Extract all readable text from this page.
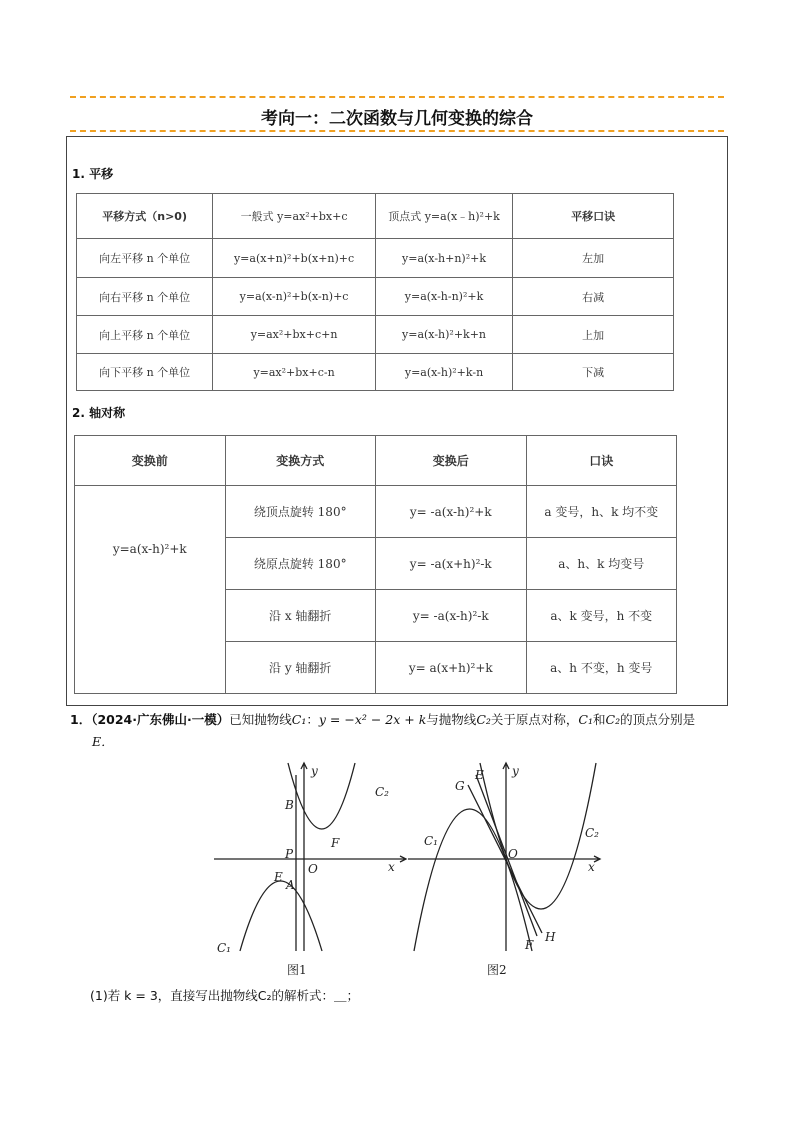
考向一：二次函数与几何变换的综合
1. 平移
平移方式（n>0)	一般式 y=ax²+bx+c	顶点式 y=a(x﹣h)²+k	平移口诀
向左平移 n 个单位	y=a(x+n)²+b(x+n)+c	y=a(x-h+n)²+k	左加
向右平移 n 个单位	y=a(x-n)²+b(x-n)+c	y=a(x-h-n)²+k	右减
向上平移 n 个单位	y=ax²+bx+c+n	y=a(x-h)²+k+n	上加
向下平移 n 个单位	y=ax²+bx+c-n	y=a(x-h)²+k-n	下减
2. 轴对称
变换前	变换方式	变换后	口诀
y=a(x-h)²+k	绕顶点旋转 180°	y= -a(x-h)²+k	a 变号，h、k 均不变
	绕原点旋转 180°	y= -a(x+h)²-k	a、h、k 均变号
	沿 x 轴翻折	y= -a(x-h)²-k	a、k 变号，h 不变
	沿 y 轴翻折	y= a(x+h)²+k	a、h 不变，h 变号
1．（2024·广东佛山·一模）已知抛物线C₁：y = −x² − 2x + k与抛物线C₂关于原点对称，C₁和C₂的顶点分别是
E．
y
x
B
P
O
E
A
F
C₂
C₁
图1
y
x
G
E
O
F
H
C₁
C₂
图2
(1)若 k = 3，直接写出抛物线C₂的解析式：＿；
